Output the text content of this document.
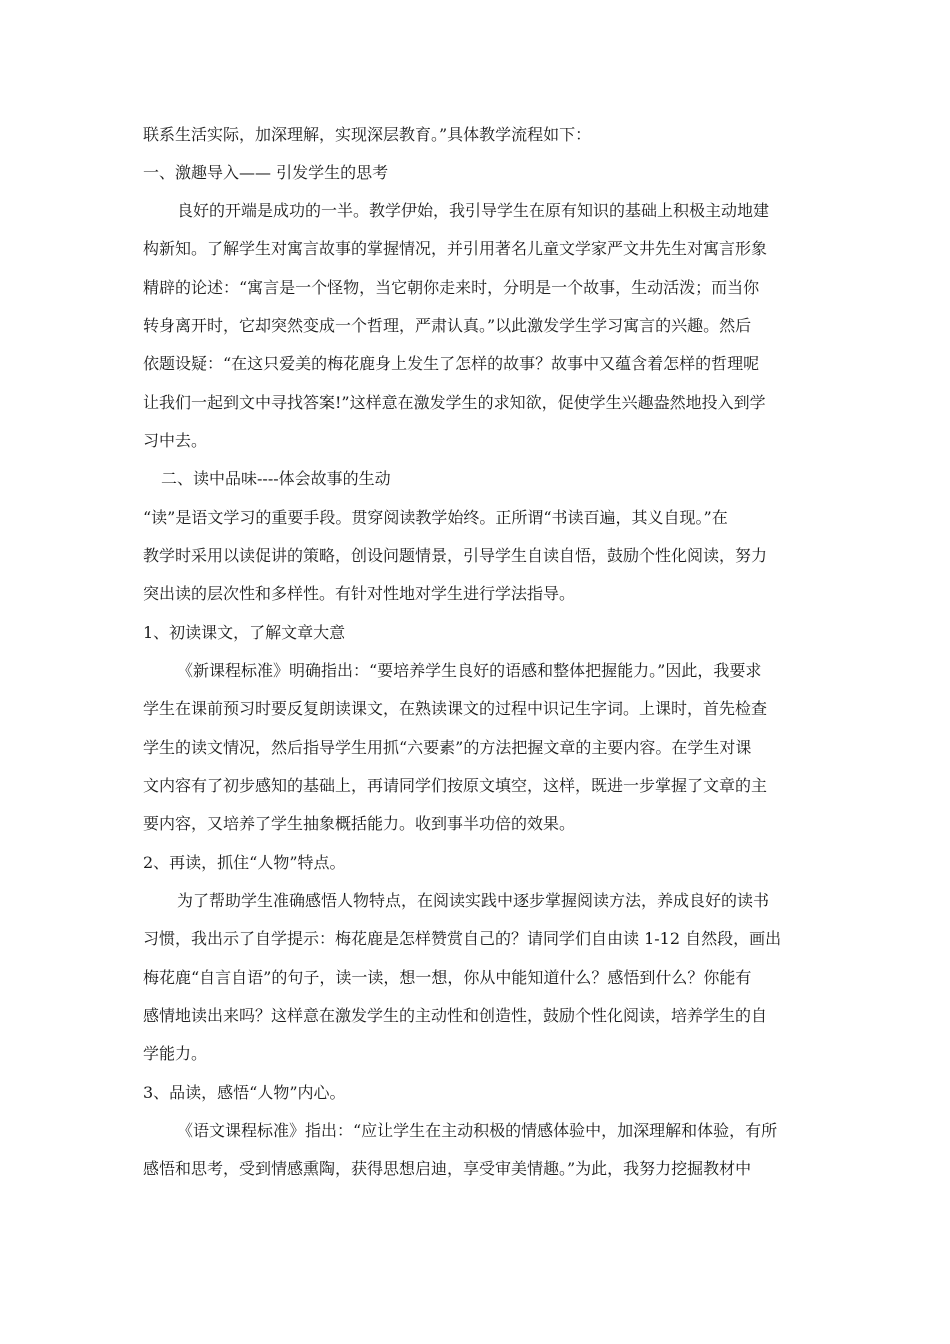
联系生活实际，加深理解，实现深层教育。”具体教学流程如下：
一、激趣导入—— 引发学生的思考
良好的开端是成功的一半。教学伊始，我引导学生在原有知识的基础上积极主动地建
构新知。了解学生对寓言故事的掌握情况，并引用著名儿童文学家严文井先生对寓言形象
精辟的论述：“寓言是一个怪物，当它朝你走来时，分明是一个故事，生动活泼；而当你
转身离开时，它却突然变成一个哲理，严肃认真。”以此激发学生学习寓言的兴趣。然后
依题设疑：“在这只爱美的梅花鹿身上发生了怎样的故事？故事中又蕴含着怎样的哲理呢
让我们一起到文中寻找答案!”这样意在激发学生的求知欲，促使学生兴趣盎然地投入到学
习中去。
二、读中品味----体会故事的生动
“读”是语文学习的重要手段。贯穿阅读教学始终。正所谓“书读百遍，其义自现。”在
教学时采用以读促讲的策略，创设问题情景，引导学生自读自悟，鼓励个性化阅读，努力
突出读的层次性和多样性。有针对性地对学生进行学法指导。
1、初读课文，了解文章大意
《新课程标准》明确指出：“要培养学生良好的语感和整体把握能力。”因此，我要求
学生在课前预习时要反复朗读课文，在熟读课文的过程中识记生字词。上课时，首先检查
学生的读文情况，然后指导学生用抓“六要素”的方法把握文章的主要内容。在学生对课
文内容有了初步感知的基础上，再请同学们按原文填空，这样，既进一步掌握了文章的主
要内容，又培养了学生抽象概括能力。收到事半功倍的效果。
2、再读，抓住“人物”特点。
为了帮助学生准确感悟人物特点，在阅读实践中逐步掌握阅读方法，养成良好的读书
习惯，我出示了自学提示：梅花鹿是怎样赞赏自己的？请同学们自由读 1-12 自然段，画出
梅花鹿“自言自语”的句子，读一读，想一想，你从中能知道什么？感悟到什么？你能有
感情地读出来吗？这样意在激发学生的主动性和创造性，鼓励个性化阅读，培养学生的自
学能力。
3、品读，感悟“人物”内心。
《语文课程标准》指出：“应让学生在主动积极的情感体验中，加深理解和体验，有所
感悟和思考，受到情感熏陶，获得思想启迪，享受审美情趣。”为此，我努力挖掘教材中
